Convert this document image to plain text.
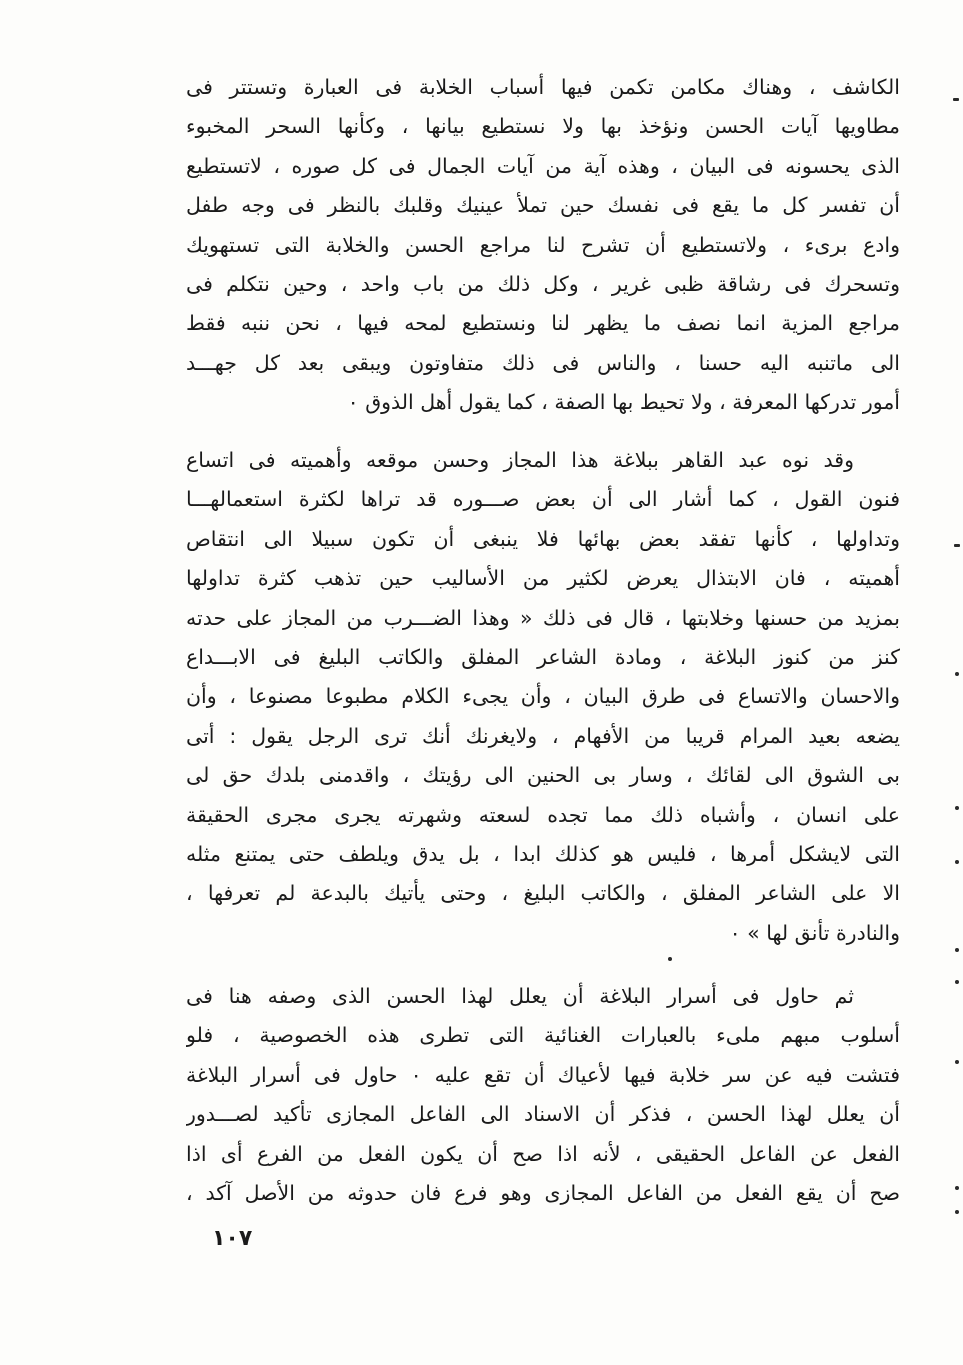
الكاشف ، وهناك مكامن تكمن فيها أسباب الخلابة فى العبارة وتستتر فى
مطاويها آيات الحسن ونؤخذ بها ولا نستطيع بيانها ، وكأنها السحر المخبوء
الذى يحسونه فى البيان ، وهذه آية من آيات الجمال فى كل صوره ، لاتستطيع
أن تفسر كل ما يقع فى نفسك حين تملأ عينيك وقلبك بالنظر فى وجه طفل
وادع برىء ، ولاتستطيع أن تشرح لنا مراجع الحسن والخلابة التى تستهويك
وتسحرك فى رشاقة ظبى غرير ، وكل ذلك من باب واحد ، وحين نتكلم فى
مراجع المزية انما نصف ما يظهر لنا ونستطيع لمحه فيها ، نحن ننبه فقط
الى ماتنبه اليه حسنا ، والناس فى ذلك متفاوتون ويبقى بعد كل جهـــد
أمور تدركها المعرفة ، ولا تحيط بها الصفة ، كما يقول أهل الذوق ٠
وقد نوه عبد القاهر ببلاغة هذا المجاز وحسن موقعه وأهميته فى اتساع
فنون القول ، كما أشار الى أن بعض صـــوره قد تراها لكثرة استعمالهـــا
وتداولها ، كأنها تفقد بعض بهائها فلا ينبغى أن تكون سبيلا الى انتقاص
أهميته ، فان الابتذال يعرض لكثير من الأساليب حين تذهب كثرة تداولها
بمزيد من حسنها وخلابتها ، قال فى ذلك « وهذا الضـــرب من المجاز على حدته
كنز من كنوز البلاغة ، ومادة الشاعر المفلق والكاتب البليغ فى الابـــداع
والاحسان والاتساع فى طرق البيان ، وأن يجىء الكلام مطبوعا مصنوعا ، وأن
يضعه بعيد المرام قريبا من الأفهام ، ولايغرنك أنك ترى الرجل يقول : أتى
بى الشوق الى لقائك ، وسار بى الحنين الى رؤيتك ، واقدمنى بلدك حق لى
على انسان ، وأشباه ذلك مما تجده لسعته وشهرته يجرى مجرى الحقيقة
التى لايشكل أمرها ، فليس هو كذلك ابدا ، بل يدق ويلطف حتى يمتنع مثله
الا على الشاعر المفلق ، والكاتب البليغ ، وحتى يأتيك بالبدعة لم تعرفها ،
والنادرة تأنق لها » ٠
ثم حاول فى أسرار البلاغة أن يعلل لهذا الحسن الذى وصفه هنا فى
أسلوب مبهم ملىء بالعبارات الغنائية التى تطرى هذه الخصوصية ، فلو
فتشت فيه عن سر خلابة فيها لأعياك أن تقع عليه ٠ حاول فى أسرار البلاغة
أن يعلل لهذا الحسن ، فذكر أن الاسناد الى الفاعل المجازى تأكيد لصـــدور
الفعل عن الفاعل الحقيقى ، لأنه اذا صح أن يكون الفعل من الفرع أى اذا
صح أن يقع الفعل من الفاعل المجازى وهو فرع فان حدوثه من الأصل آكد ،
١٠٧
